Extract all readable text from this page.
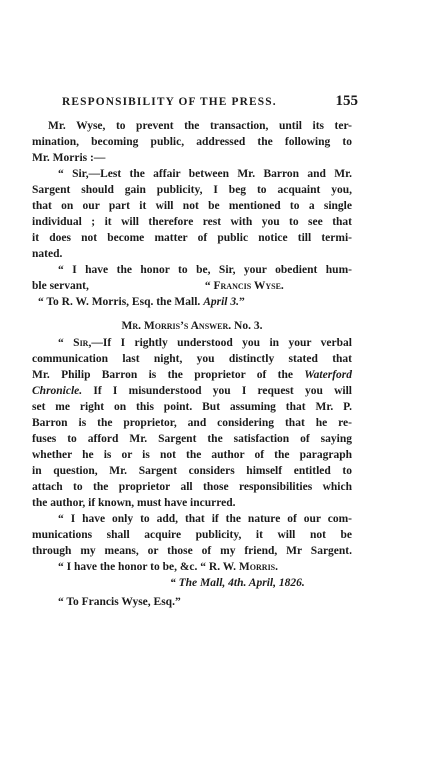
RESPONSIBILITY OF THE PRESS.	155
Mr. Wyse, to prevent the transaction, until its ter-
mination, becoming public, addressed the following to
Mr. Morris :—
“ Sir,—Lest the affair between Mr. Barron and Mr.
Sargent should gain publicity, I beg to acquaint you,
that on our part it will not be mentioned to a single
individual ; it will therefore rest with you to see that
it does not become matter of public notice till termi-
nated.
“ I have the honor to be, Sir, your obedient hum-
ble servant,	“ Francis Wyse.
“ To R. W. Morris, Esq. the Mall. April 3.”
Mr. Morris’s Answer. No. 3.
“ Sir,—If I rightly understood you in your verbal
communication last night, you distinctly stated that
Mr. Philip Barron is the proprietor of the Waterford
Chronicle. If I misunderstood you I request you will
set me right on this point. But assuming that Mr. P.
Barron is the proprietor, and considering that he re-
fuses to afford Mr. Sargent the satisfaction of saying
whether he is or is not the author of the paragraph
in question, Mr. Sargent considers himself entitled to
attach to the proprietor all those responsibilities which
the author, if known, must have incurred.
“ I have only to add, that if the nature of our com-
munications shall acquire publicity, it will not be
through my means, or those of my friend, Mr Sargent.
“ I have the honor to be, &c. “ R. W. Morris.
“ The Mall, 4th. April, 1826.
“ To Francis Wyse, Esq.”
